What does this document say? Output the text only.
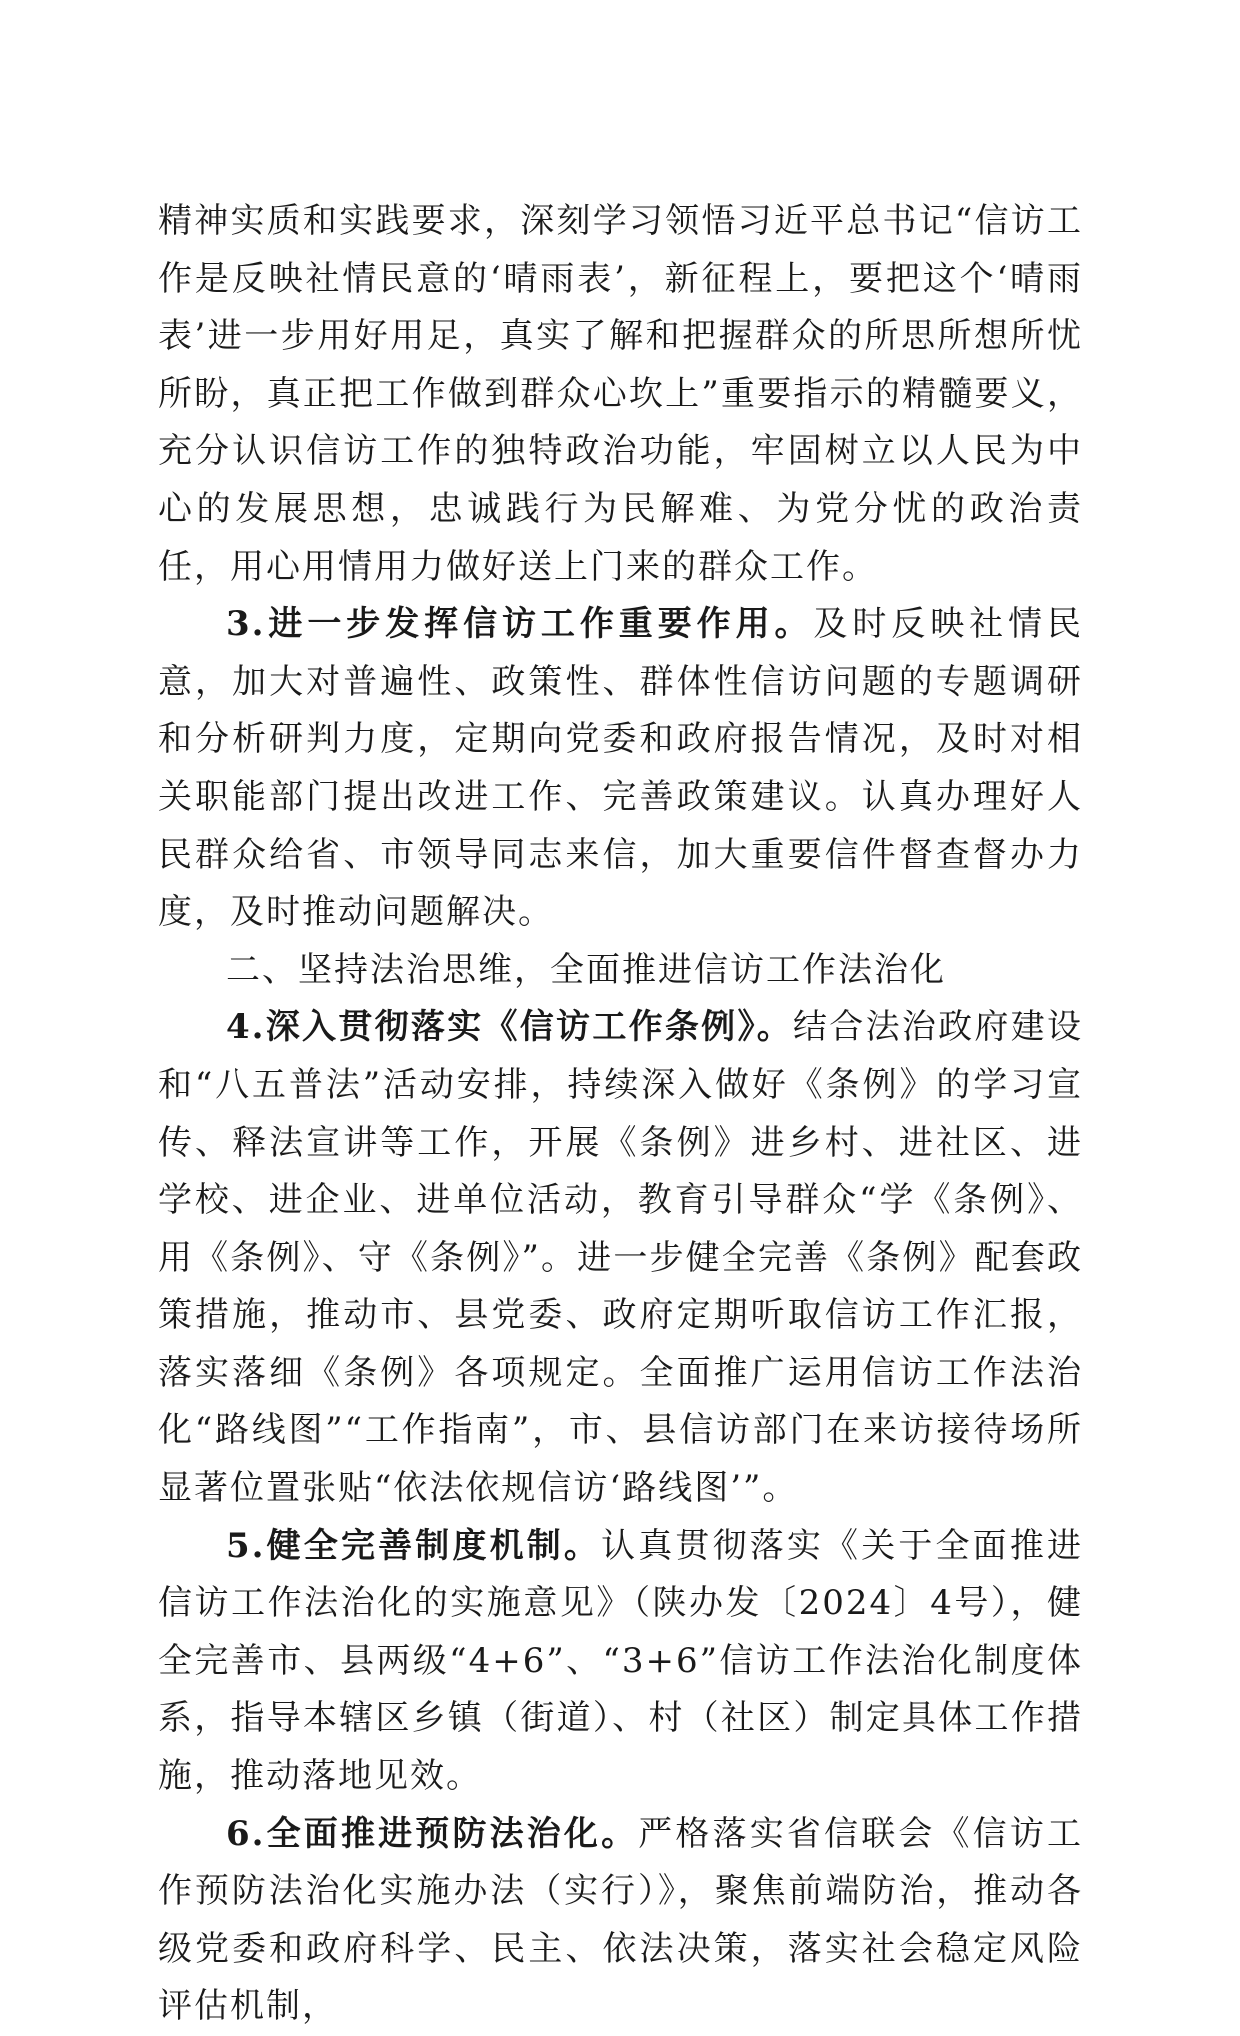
精神实质和实践要求，深刻学习领悟习近平总书记“信访工作是反映社情民意的‘晴雨表’，新征程上，要把这个‘晴雨表’进一步用好用足，真实了解和把握群众的所思所想所忧所盼，真正把工作做到群众心坎上”重要指示的精髓要义，充分认识信访工作的独特政治功能，牢固树立以人民为中心的发展思想，忠诚践行为民解难、为党分忧的政治责任，用心用情用力做好送上门来的群众工作。

3.进一步发挥信访工作重要作用。及时反映社情民意，加大对普遍性、政策性、群体性信访问题的专题调研和分析研判力度，定期向党委和政府报告情况，及时对相关职能部门提出改进工作、完善政策建议。认真办理好人民群众给省、市领导同志来信，加大重要信件督查督办力度，及时推动问题解决。

二、坚持法治思维，全面推进信访工作法治化

4.深入贯彻落实《信访工作条例》。结合法治政府建设和“八五普法”活动安排，持续深入做好《条例》的学习宣传、释法宣讲等工作，开展《条例》进乡村、进社区、进学校、进企业、进单位活动，教育引导群众“学《条例》、用《条例》、守《条例》”。进一步健全完善《条例》配套政策措施，推动市、县党委、政府定期听取信访工作汇报，落实落细《条例》各项规定。全面推广运用信访工作法治化“路线图”“工作指南”，市、县信访部门在来访接待场所显著位置张贴“依法依规信访‘路线图’”。

5.健全完善制度机制。认真贯彻落实《关于全面推进信访工作法治化的实施意见》（陕办发〔2024〕4号），健全完善市、县两级“4+6”、“3+6”信访工作法治化制度体系，指导本辖区乡镇（街道）、村（社区）制定具体工作措施，推动落地见效。

6.全面推进预防法治化。严格落实省信联会《信访工作预防法治化实施办法（实行）》，聚焦前端防治，推动各级党委和政府科学、民主、依法决策，落实社会稳定风险评估机制，
